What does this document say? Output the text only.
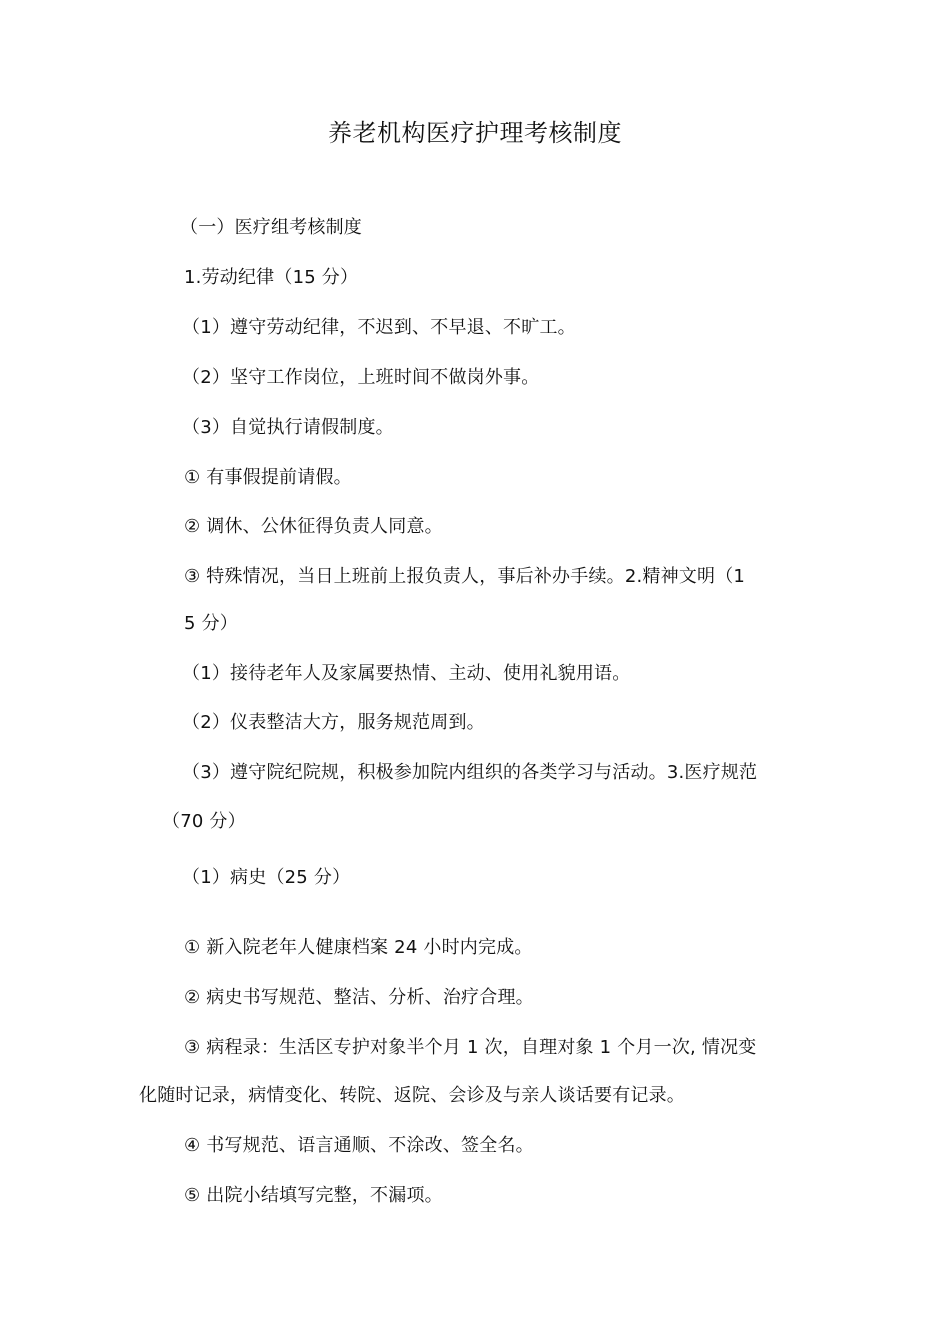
养老机构医疗护理考核制度
（一）医疗组考核制度
1.劳动纪律（15 分）
（1）遵守劳动纪律，不迟到、不早退、不旷工。
（2）坚守工作岗位，上班时间不做岗外事。
（3）自觉执行请假制度。
① 有事假提前请假。
② 调休、公休征得负责人同意。
③ 特殊情况，当日上班前上报负责人，事后补办手续。2.精神文明（1
5 分）
（1）接待老年人及家属要热情、主动、使用礼貌用语。
（2）仪表整洁大方，服务规范周到。
（3）遵守院纪院规，积极参加院内组织的各类学习与活动。3.医疗规范
（70 分）
（1）病史（25 分）
① 新入院老年人健康档案 24 小时内完成。
② 病史书写规范、整洁、分析、治疗合理。
③ 病程录：生活区专护对象半个月 1 次，自理对象 1 个月一次, 情况变
化随时记录，病情变化、转院、返院、会诊及与亲人谈话要有记录。
④ 书写规范、语言通顺、不涂改、签全名。
⑤ 出院小结填写完整，不漏项。
